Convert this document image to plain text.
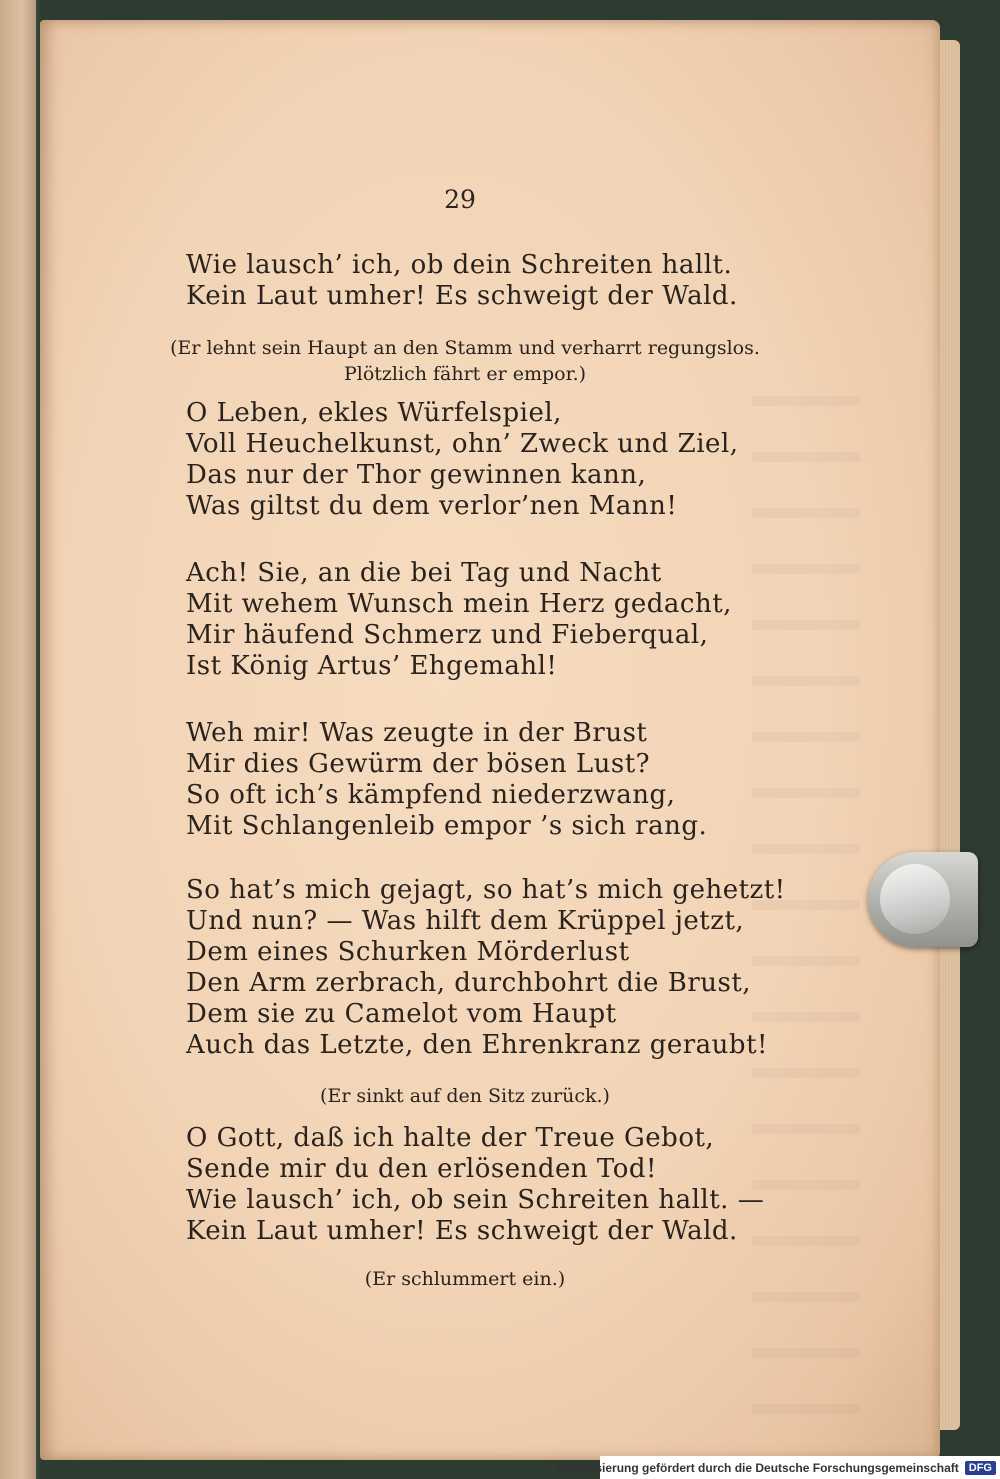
29

Wie lausch’ ich, ob dein Schreiten hallt.
Kein Laut umher! Es schweigt der Wald.

(Er lehnt sein Haupt an den Stamm und verharrt regungslos.
Plötzlich fährt er empor.)

O Leben, ekles Würfelspiel,
Voll Heuchelkunst, ohn’ Zweck und Ziel,
Das nur der Thor gewinnen kann,
Was giltst du dem verlor’nen Mann!

Ach! Sie, an die bei Tag und Nacht
Mit wehem Wunsch mein Herz gedacht,
Mir häufend Schmerz und Fieberqual,
Ist König Artus’ Ehgemahl!

Weh mir! Was zeugte in der Brust
Mir dies Gewürm der bösen Lust?
So oft ich’s kämpfend niederzwang,
Mit Schlangenleib empor ’s sich rang.

So hat’s mich gejagt, so hat’s mich gehetzt!
Und nun? — Was hilft dem Krüppel jetzt,
Dem eines Schurken Mörderlust
Den Arm zerbrach, durchbohrt die Brust,
Dem sie zu Camelot vom Haupt
Auch das Letzte, den Ehrenkranz geraubt!

(Er sinkt auf den Sitz zurück.)

O Gott, daß ich halte der Treue Gebot,
Sende mir du den erlösenden Tod!
Wie lausch’ ich, ob sein Schreiten hallt. —
Kein Laut umher! Es schweigt der Wald.

(Er schlummert ein.)

Digitalisierung gefördert durch die Deutsche Forschungsgemeinschaft DFG
